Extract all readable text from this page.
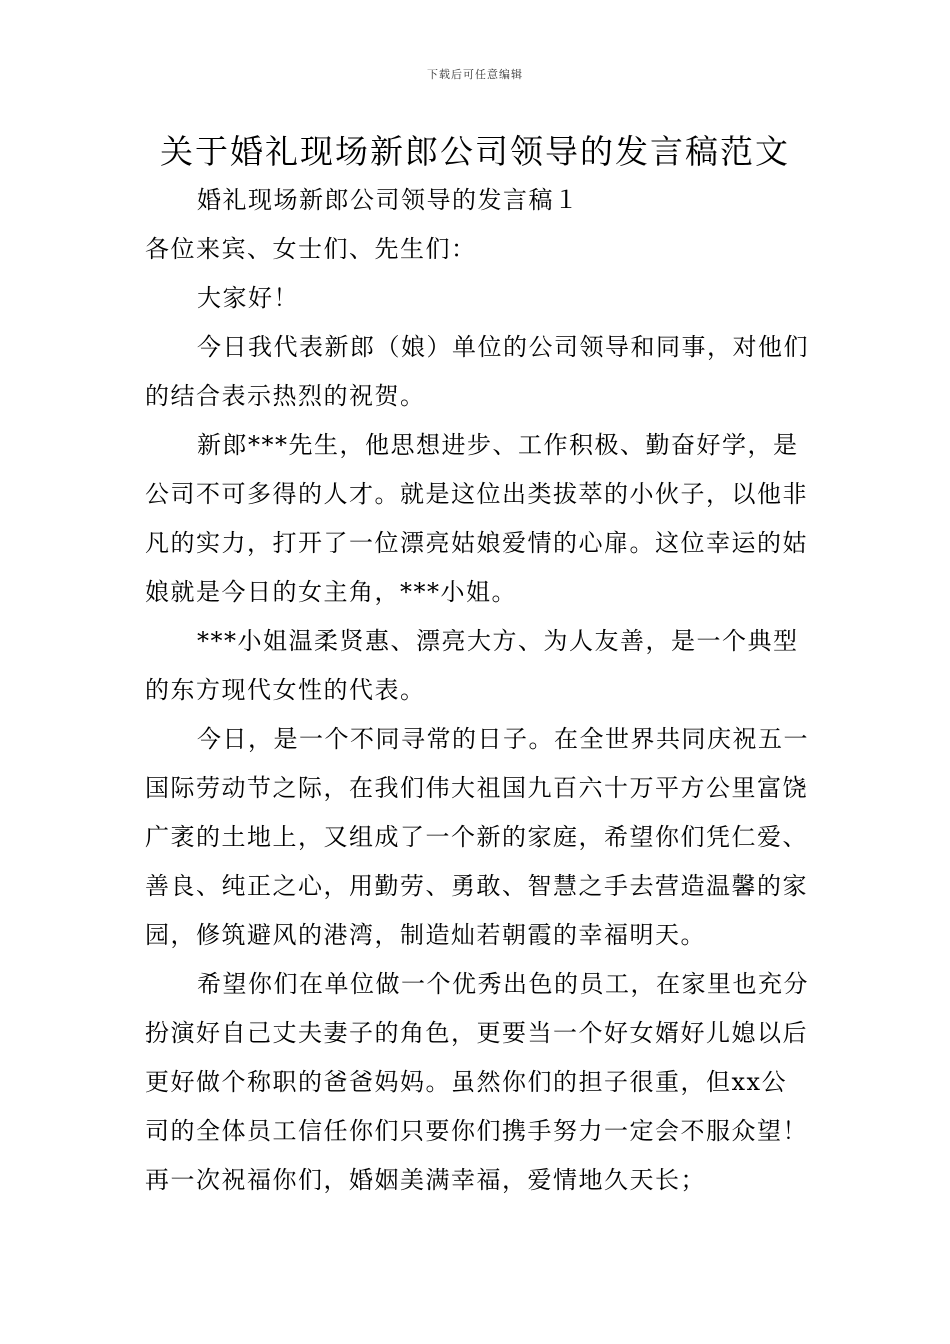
下载后可任意编辑
关于婚礼现场新郎公司领导的发言稿范文

婚礼现场新郎公司领导的发言稿１

各位来宾、女士们、先生们：

大家好！

今日我代表新郎（娘）单位的公司领导和同事，对他们的结合表示热烈的祝贺。

新郎***先生，他思想进步、工作积极、勤奋好学，是公司不可多得的人才。就是这位出类拔萃的小伙子，以他非凡的实力，打开了一位漂亮姑娘爱情的心扉。这位幸运的姑娘就是今日的女主角，***小姐。

***小姐温柔贤惠、漂亮大方、为人友善，是一个典型的东方现代女性的代表。

今日，是一个不同寻常的日子。在全世界共同庆祝五一国际劳动节之际，在我们伟大祖国九百六十万平方公里富饶广袤的土地上，又组成了一个新的家庭，希望你们凭仁爱、善良、纯正之心，用勤劳、勇敢、智慧之手去营造温馨的家园，修筑避风的港湾，制造灿若朝霞的幸福明天。

希望你们在单位做一个优秀出色的员工，在家里也充分扮演好自己丈夫妻子的角色，更要当一个好女婿好儿媳以后更好做个称职的爸爸妈妈。虽然你们的担子很重，但xx公司的全体员工信任你们只要你们携手努力一定会不服众望！再一次祝福你们，婚姻美满幸福，爱情地久天长；
